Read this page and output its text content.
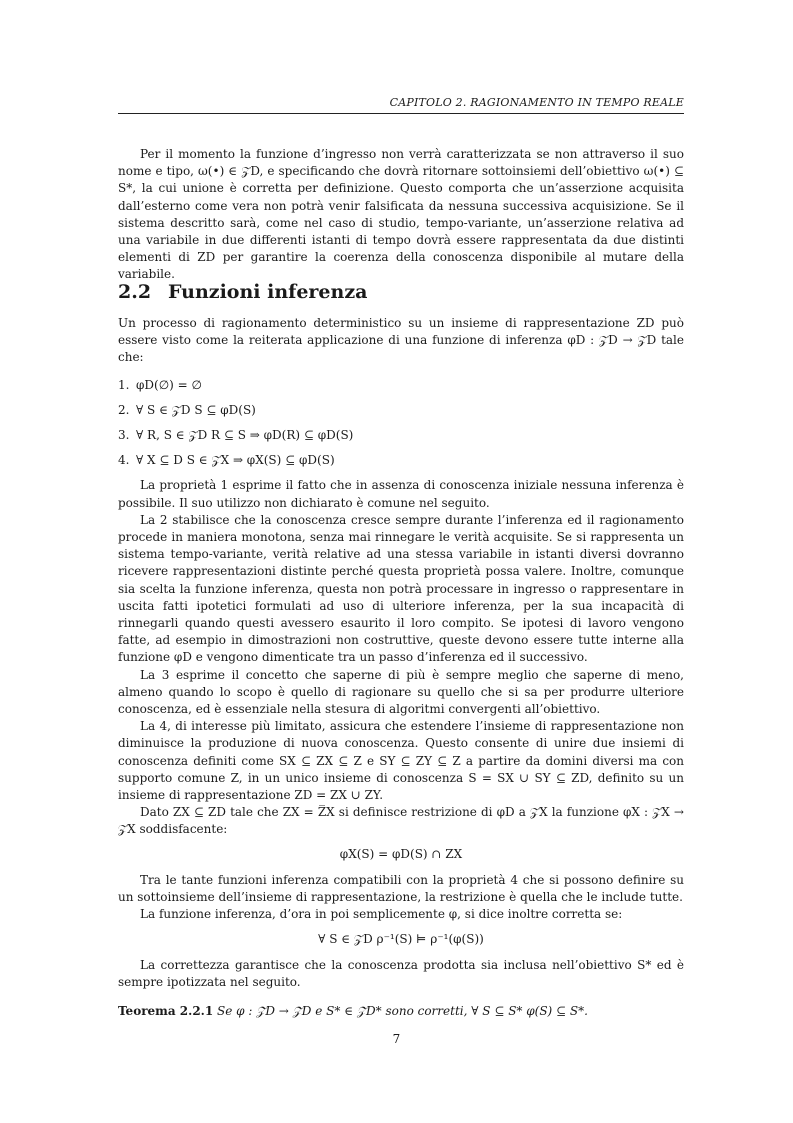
CAPITOLO 2. RAGIONAMENTO IN TEMPO REALE

Per il momento la funzione d’ingresso non verrà caratterizzata se non attraverso il suo nome e tipo, ω(•) ∈ 𝒵D, e specificando che dovrà ritornare sottoinsiemi dell’obiettivo ω(•) ⊆ S*, la cui unione è corretta per definizione. Questo comporta che un’asserzione acquisita dall’esterno come vera non potrà venir falsificata da nessuna successiva acquisizione. Se il sistema descritto sarà, come nel caso di studio, tempo-variante, un’asserzione relativa ad una variabile in due differenti istanti di tempo dovrà essere rappresentata da due distinti elementi di ZD per garantire la coerenza della conoscenza disponibile al mutare della variabile.

2.2 Funzioni inferenza

Un processo di ragionamento deterministico su un insieme di rappresentazione ZD può essere visto come la reiterata applicazione di una funzione di inferenza φD : 𝒵D → 𝒵D tale che:

1. φD(∅) = ∅
2. ∀ S ∈ 𝒵D S ⊆ φD(S)
3. ∀ R, S ∈ 𝒵D R ⊆ S ⇒ φD(R) ⊆ φD(S)
4. ∀ X ⊆ D S ∈ 𝒵X ⇒ φX(S) ⊆ φD(S)

La proprietà 1 esprime il fatto che in assenza di conoscenza iniziale nessuna inferenza è possibile. Il suo utilizzo non dichiarato è comune nel seguito.

La 2 stabilisce che la conoscenza cresce sempre durante l’inferenza ed il ragionamento procede in maniera monotona, senza mai rinnegare le verità acquisite. Se si rappresenta un sistema tempo-variante, verità relative ad una stessa variabile in istanti diversi dovranno ricevere rappresentazioni distinte perché questa proprietà possa valere. Inoltre, comunque sia scelta la funzione inferenza, questa non potrà processare in ingresso o rappresentare in uscita fatti ipotetici formulati ad uso di ulteriore inferenza, per la sua incapacità di rinnegarli quando questi avessero esaurito il loro compito. Se ipotesi di lavoro vengono fatte, ad esempio in dimostrazioni non costruttive, queste devono essere tutte interne alla funzione φD e vengono dimenticate tra un passo d’inferenza ed il successivo.

La 3 esprime il concetto che saperne di più è sempre meglio che saperne di meno, almeno quando lo scopo è quello di ragionare su quello che si sa per produrre ulteriore conoscenza, ed è essenziale nella stesura di algoritmi convergenti all’obiettivo.

La 4, di interesse più limitato, assicura che estendere l’insieme di rappresentazione non diminuisce la produzione di nuova conoscenza. Questo consente di unire due insiemi di conoscenza definiti come SX ⊆ ZX ⊆ Z e SY ⊆ ZY ⊆ Z a partire da domini diversi ma con supporto comune Z, in un unico insieme di conoscenza S = SX ∪ SY ⊆ ZD, definito su un insieme di rappresentazione ZD = ZX ∪ ZY.

Dato ZX ⊆ ZD tale che ZX = Z̅X si definisce restrizione di φD a 𝒵X la funzione φX : 𝒵X → 𝒵X soddisfacente:

φX(S) = φD(S) ∩ ZX

Tra le tante funzioni inferenza compatibili con la proprietà 4 che si possono definire su un sottoinsieme dell’insieme di rappresentazione, la restrizione è quella che le include tutte.

La funzione inferenza, d’ora in poi semplicemente φ, si dice inoltre corretta se:

∀ S ∈ 𝒵D ρ⁻¹(S) ⊨ ρ⁻¹(φ(S))

La correttezza garantisce che la conoscenza prodotta sia inclusa nell’obiettivo S* ed è sempre ipotizzata nel seguito.

Teorema 2.2.1 Se φ : 𝒵D → 𝒵D e S* ∈ 𝒵D* sono corretti, ∀ S ⊆ S* φ(S) ⊆ S*.

7
